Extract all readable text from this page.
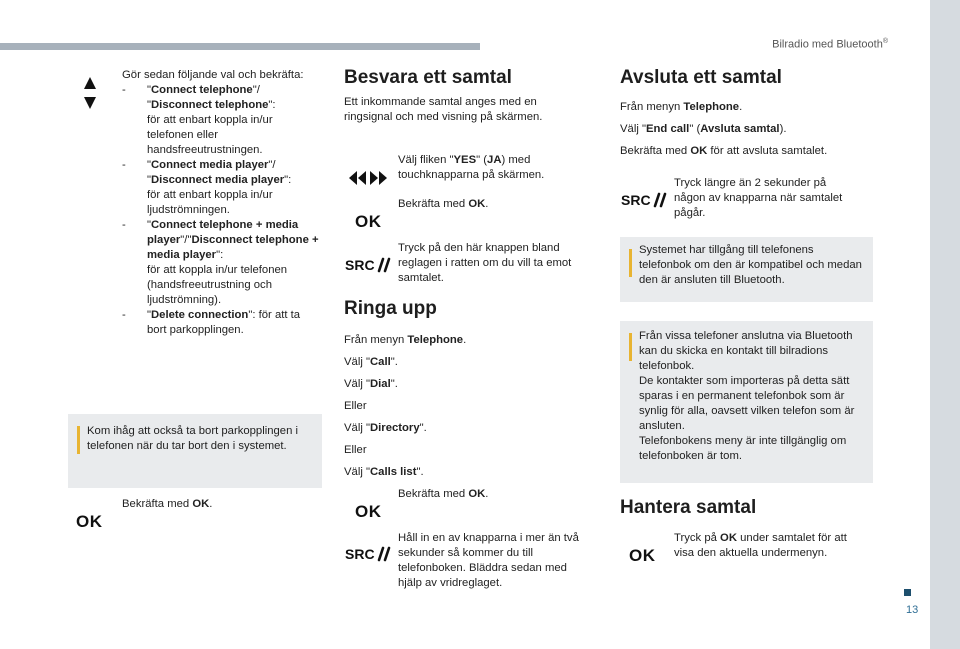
Bilradio med Bluetooth®
Gör sedan följande val och bekräfta:
- "Connect telephone"/ "Disconnect telephone":
för att enbart koppla in/ur telefonen eller handsfreeutrustningen.
- "Connect media player"/ "Disconnect media player":
för att enbart koppla in/ur ljudströmningen.
- "Connect telephone + media player"/"Disconnect telephone + media player":
för att koppla in/ur telefonen (handsfreeutrustning och ljudströmning).
- "Delete connection": för att ta bort parkopplingen.
Kom ihåg att också ta bort parkopplingen i telefonen när du tar bort den i systemet.
OK
Bekräfta med OK.
Besvara ett samtal
Ett inkommande samtal anges med en ringsignal och med visning på skärmen.
Välj fliken "YES" (JA) med touchknapparna på skärmen.
OK
Bekräfta med OK.
SRC
Tryck på den här knappen bland reglagen i ratten om du vill ta emot samtalet.
Ringa upp

Från menyn Telephone.

Välj "Call".

Välj "Dial".

Eller

Välj "Directory".

Eller

Välj "Calls list".

OK
Bekräfta med OK.
SRC
Håll in en av knapparna i mer än två sekunder så kommer du till telefonboken. Bläddra sedan med hjälp av vridreglaget.
Avsluta ett samtal

Från menyn Telephone.

Välj "End call" (Avsluta samtal).

Bekräfta med OK för att avsluta samtalet.

SRC
Tryck längre än 2 sekunder på någon av knapparna när samtalet pågår.
Systemet har tillgång till telefonens telefonbok om den är kompatibel och medan den är ansluten till Bluetooth.
Från vissa telefoner anslutna via Bluetooth kan du skicka en kontakt till bilradions telefonbok.
De kontakter som importeras på detta sätt sparas i en permanent telefonbok som är synlig för alla, oavsett vilken telefon som är ansluten.
Telefonbokens meny är inte tillgänglig om telefonboken är tom.
Hantera samtal
OK
Tryck på OK under samtalet för att visa den aktuella undermenyn.
13
